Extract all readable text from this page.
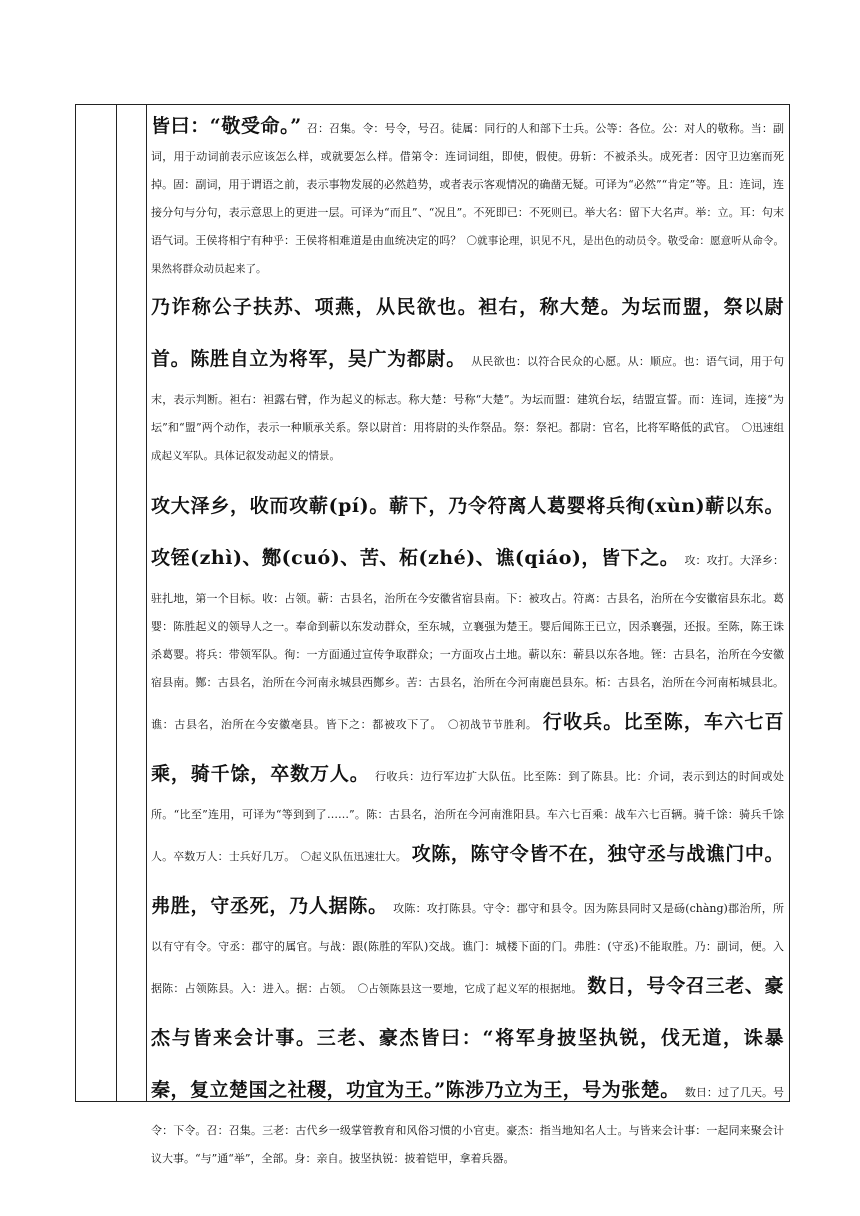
皆曰：“敬受命。” 召：召集。令：号令，号召。徒属：同行的人和部下士兵。公等：各位。公：对人的敬称。当：副词，用于动词前表示应该怎么样，或就要怎么样。借第令：连词词组，即使，假使。毋斩：不被杀头。成死者：因守卫边塞而死掉。固：副词，用于谓语之前，表示事物发展的必然趋势，或者表示客观情况的确凿无疑。可译为“必然”“肯定”等。且：连词，连接分句与分句，表示意思上的更进一层。可译为“而且”、“况且”。不死即已：不死则已。举大名：留下大名声。举：立。耳：句末语气词。王侯将相宁有种乎：王侯将相难道是由血统决定的吗？ 〇就事论理，识见不凡，是出色的动员令。敬受命：愿意听从命令。果然将群众动员起来了。
乃诈称公子扶苏、项燕，从民欲也。袒右，称大楚。为坛而盟，祭以尉首。陈胜自立为将军，吴广为都尉。 从民欲也：以符合民众的心愿。从：顺应。也：语气词，用于句末，表示判断。袒右：袒露右臂，作为起义的标志。称大楚：号称“大楚”。为坛而盟：建筑台坛，结盟宣誓。而：连词，连接“为坛”和“盟”两个动作，表示一种顺承关系。祭以尉首：用将尉的头作祭品。祭：祭祀。都尉：官名，比将军略低的武官。 〇迅速组成起义军队。具体记叙发动起义的情景。
攻大泽乡，收而攻蕲(pí)。蕲下，乃令符离人葛婴将兵徇(xùn)蕲以东。攻铚(zhì)、酂(cuó)、苦、柘(zhé)、谯(qiáo)，皆下之。 攻：攻打。大泽乡：驻扎地，第一个目标。收：占领。蕲：古县名，治所在今安徽省宿县南。下：被攻占。符离：古县名，治所在今安徽宿县东北。葛婴：陈胜起义的领导人之一。奉命到蕲以东发动群众，至东城，立襄强为楚王。婴后闻陈王已立，因杀襄强，还报。至陈，陈王诛杀葛婴。将兵：带领军队。徇：一方面通过宣传争取群众；一方面攻占土地。蕲以东：蕲县以东各地。铚：古县名，治所在今安徽宿县南。酂：古县名，治所在今河南永城县西酂乡。苦：古县名，治所在今河南鹿邑县东。柘：古县名，治所在今河南柘城县北。谯：古县名，治所在今安徽亳县。皆下之：都被攻下了。 〇初战节节胜利。 行收兵。比至陈，车六七百乘，骑千馀，卒数万人。 行收兵：边行军边扩大队伍。比至陈：到了陈县。比：介词，表示到达的时间或处所。“比至”连用，可译为“等到到了……”。陈：古县名，治所在今河南淮阳县。车六七百乘：战车六七百辆。骑千馀：骑兵千馀人。卒数万人：士兵好几万。 〇起义队伍迅速壮大。 攻陈，陈守令皆不在，独守丞与战谯门中。弗胜，守丞死，乃人据陈。 攻陈：攻打陈县。守令：郡守和县令。因为陈县同时又是砀(chàng)郡治所，所以有守有令。守丞：郡守的属官。与战：跟(陈胜的军队)交战。谯门：城楼下面的门。弗胜：(守丞)不能取胜。乃：副词，便。入据陈：占领陈县。入：进入。据：占领。 〇占领陈县这一要地，它成了起义军的根据地。 数日，号令召三老、豪杰与皆来会计事。三老、豪杰皆曰：“将军身披坚执锐，伐无道，诛暴秦，复立楚国之社稷，功宜为王。”陈涉乃立为王，号为张楚。 数日：过了几天。号令：下令。召：召集。三老：古代乡一级掌管教育和风俗习惯的小官吏。豪杰：指当地知名人士。与皆来会计事：一起同来聚会计议大事。“与”通“举”，全部。身：亲自。披坚执锐：披着铠甲，拿着兵器。
